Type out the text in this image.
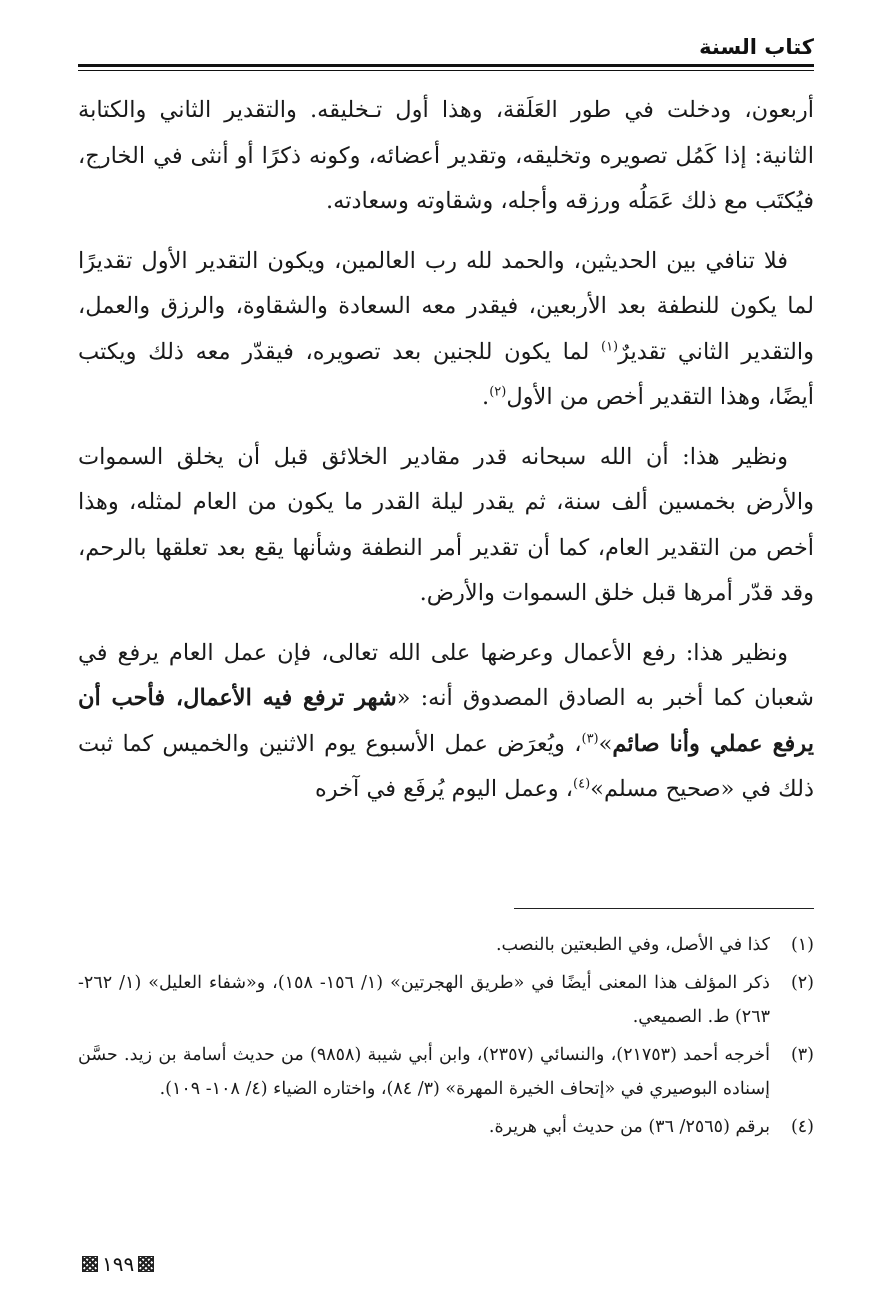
كتاب السنة

أربعون، ودخلت في طور العَلَقة، وهذا أول تـخليقه. والتقدير الثاني والكتابة الثانية: إذا كَمُل تصويره وتخليقه، وتقدير أعضائه، وكونه ذكرًا أو أنثى في الخارج، فيُكتَب مع ذلك عَمَلُه ورزقه وأجله، وشقاوته وسعادته.

فلا تنافي بين الحديثين، والحمد لله رب العالمين، ويكون التقدير الأول تقديرًا لما يكون للنطفة بعد الأربعين، فيقدر معه السعادة والشقاوة، والرزق والعمل، والتقدير الثاني تقديرٌ$^{(١)}$ لما يكون للجنين بعد تصويره، فيقدّر معه ذلك ويكتب أيضًا، وهذا التقدير أخص من الأول$^{(٢)}$.

ونظير هذا: أن الله سبحانه قدر مقادير الخلائق قبل أن يخلق السموات والأرض بخمسين ألف سنة، ثم يقدر ليلة القدر ما يكون من العام لمثله، وهذا أخص من التقدير العام، كما أن تقدير أمر النطفة وشأنها يقع بعد تعلقها بالرحم، وقد قدّر أمرها قبل خلق السموات والأرض.

ونظير هذا: رفع الأعمال وعرضها على الله تعالى، فإن عمل العام يرفع في شعبان كما أخبر به الصادق المصدوق أنه: «شهر ترفع فيه الأعمال، فأحب أن يرفع عملي وأنا صائم»$^{(٣)}$، ويُعرَض عمل الأسبوع يوم الاثنين والخميس كما ثبت ذلك في «صحيح مسلم»$^{(٤)}$، وعمل اليوم يُرفَع في آخره

(١)
كذا في الأصل، وفي الطبعتين بالنصب.
(٢)
ذكر المؤلف هذا المعنى أيضًا في «طريق الهجرتين» (١/ ١٥٦- ١٥٨)، و«شفاء العليل» (١/ ٢٦٢- ٢٦٣) ط. الصميعي.
(٣)
أخرجه أحمد (٢١٧٥٣)، والنسائي (٢٣٥٧)، وابن أبي شيبة (٩٨٥٨) من حديث أسامة بن زيد. حسَّن إسناده البوصيري في «إتحاف الخيرة المهرة» (٣/ ٨٤)، واختاره الضياء (٤/ ١٠٨- ١٠٩).
(٤)
برقم (٢٥٦٥/ ٣٦) من حديث أبي هريرة.
١٩٩
